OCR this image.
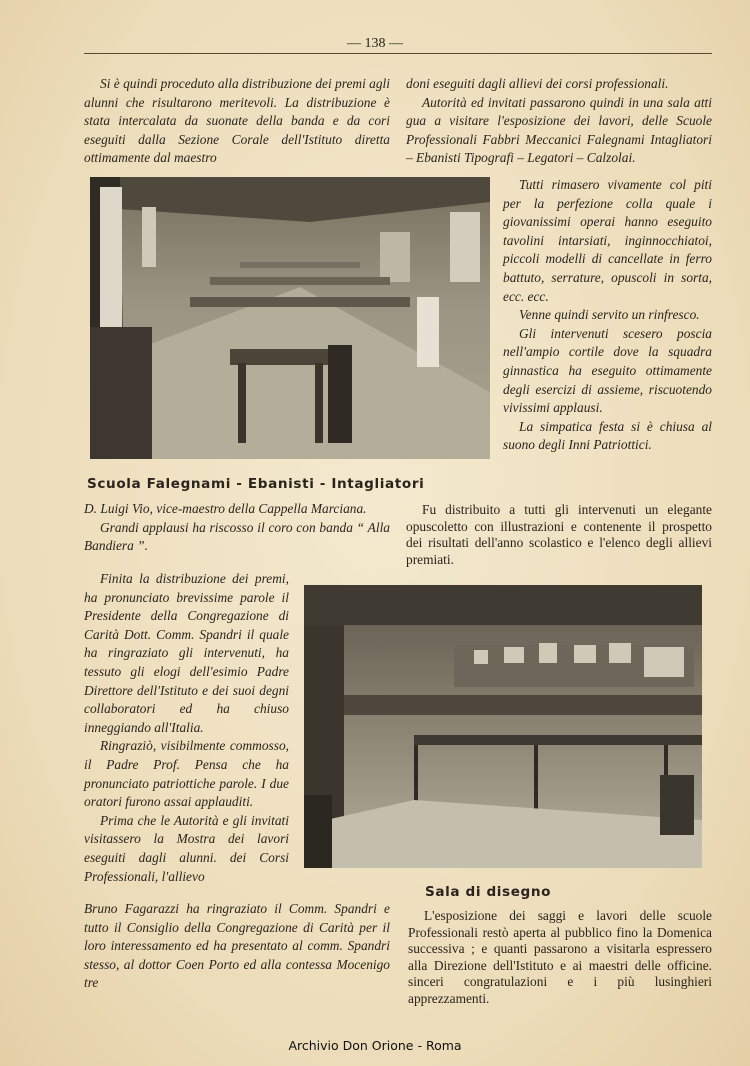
— 138 —

Si è quindi proceduto alla distribuzione dei premi agli alunni che risultarono meritevoli. La distribuzione è stata intercalata da suonate della banda e da cori eseguiti dalla Sezione Corale dell'Istituto diretta ottimamente dal maestro

doni eseguiti dagli allievi dei corsi professionali.

Autorità ed invitati passarono quindi in una sala atti gua a visitare l'esposizione dei lavori, delle Scuole Professionali Fabbri Meccanici Falegnami Intagliatori – Ebanisti Tipografi – Legatori – Calzolai.

Tutti rimasero vivamente col piti per la perfezione colla quale i giovanissimi operai hanno eseguito tavolini intarsiati, inginnocchiatoi, piccoli modelli di cancellate in ferro battuto, serrature, opuscoli in sorta, ecc. ecc.

Venne quindi servito un rinfresco.

Gli intervenuti scesero poscia nell'ampio cortile dove la squadra ginnastica ha eseguito ottimamente degli esercizi di assieme, riscuotendo vivissimi applausi.

La simpatica festa si è chiusa al suono degli Inni Patriottici.

Scuola Falegnami - Ebanisti - Intagliatori

D. Luigi Vio, vice-maestro della Cappella Marciana.

Grandi applausi ha riscosso il coro con banda “ Alla Bandiera ”.

Fu distribuito a tutti gli intervenuti un elegante opuscoletto con illustrazioni e contenente il prospetto dei risultati dell'anno scolastico e l'elenco degli allievi premiati.

Finita la distribuzione dei premi, ha pronunciato brevissime parole il Presidente della Congregazione di Carità Dott. Comm. Spandri il quale ha ringraziato gli intervenuti, ha tessuto gli elogi dell'esimio Padre Direttore dell'Istituto e dei suoi degni collaboratori ed ha chiuso inneggiando all'Italia.

Ringraziò, visibilmente commosso, il Padre Prof. Pensa che ha pronunciato patriottiche parole. I due oratori furono assai applauditi.

Prima che le Autorità e gli invitati visitassero la Mostra dei lavori eseguiti dagli alunni. dei Corsi Professionali, l'allievo

Bruno Fagarazzi ha ringraziato il Comm. Spandri e tutto il Consiglio della Congregazione di Carità per il loro interessamento ed ha presentato al comm. Spandri stesso, al dottor Coen Porto ed alla contessa Mocenigo tre

Sala di disegno

L'esposizione dei saggi e lavori delle scuole Professionali restò aperta al pubblico fino la Domenica successiva ; e quanti passarono a visitarla espressero alla Direzione dell'Istituto e ai maestri delle officine. sinceri congratulazioni e i più lusinghieri apprezzamenti.

Archivio Don Orione - Roma
